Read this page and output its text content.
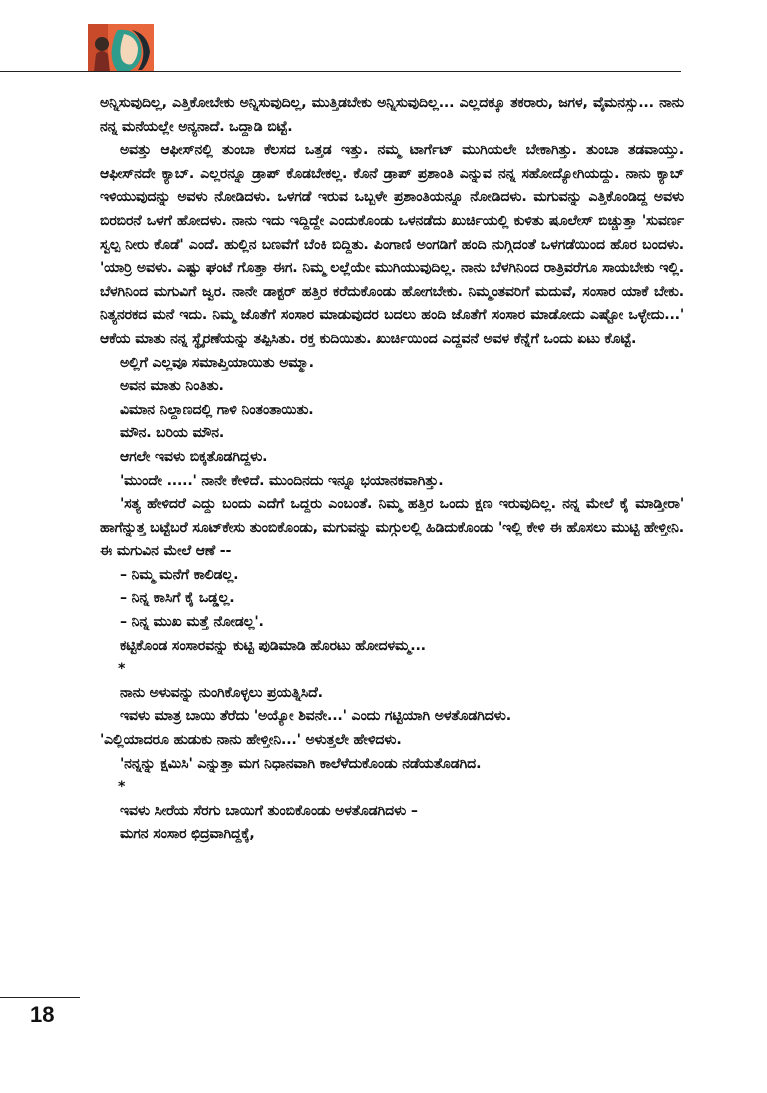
ಅನ್ನಿಸುವುದಿಲ್ಲ, ಎತ್ತಿಕೋಬೇಕು ಅನ್ನಿಸುವುದಿಲ್ಲ, ಮುತ್ತಿಡಬೇಕು ಅನ್ನಿಸುವುದಿಲ್ಲ... ಎಲ್ಲದಕ್ಕೂ ತಕರಾರು, ಜಗಳ, ವೈಮನಸ್ಸು... ನಾನು ನನ್ನ ಮನೆಯಲ್ಲೇ ಅನ್ಯನಾದೆ. ಒದ್ದಾಡಿ ಬಿಟ್ಟೆ.

ಅವತ್ತು ಆಫೀಸ್‌ನಲ್ಲಿ ತುಂಬಾ ಕೆಲಸದ ಒತ್ತಡ ಇತ್ತು. ನಮ್ಮ ಟಾರ್ಗೆಟ್ ಮುಗಿಯಲೇ ಬೇಕಾಗಿತ್ತು. ತುಂಬಾ ತಡವಾಯ್ತು. ಆಫೀಸ್‌ನದೇ ಕ್ಯಾಬ್. ಎಲ್ಲರನ್ನೂ ಡ್ರಾಪ್ ಕೊಡಬೇಕಲ್ಲ. ಕೊನೆ ಡ್ರಾಪ್ ಪ್ರಶಾಂತಿ ಎನ್ನುವ ನನ್ನ ಸಹೋದ್ಯೋಗಿಯದ್ದು. ನಾನು ಕ್ಯಾಬ್ ಇಳಿಯುವುದನ್ನು ಅವಳು ನೋಡಿದಳು. ಒಳಗಡೆ ಇರುವ ಒಬ್ಬಳೇ ಪ್ರಶಾಂತಿಯನ್ನೂ ನೋಡಿದಳು. ಮಗುವನ್ನು ಎತ್ತಿಕೊಂಡಿದ್ದ ಅವಳು ಬಿರಬಿರನೆ ಒಳಗೆ ಹೋದಳು. ನಾನು ಇದು ಇದ್ದಿದ್ದೇ ಎಂದುಕೊಂಡು ಒಳನಡೆದು ಖುರ್ಚಿಯಲ್ಲಿ ಕುಳಿತು ಷೂಲೇಸ್ ಬಿಚ್ಚುತ್ತಾ 'ಸುವರ್ಣ ಸ್ವಲ್ಪ ನೀರು ಕೊಡೆ' ಎಂದೆ. ಹುಲ್ಲಿನ ಬಣವೆಗೆ ಬೆಂಕಿ ಬಿದ್ದಿತು. ಪಿಂಗಾಣಿ ಅಂಗಡಿಗೆ ಹಂದಿ ನುಗ್ಗಿದಂತೆ ಒಳಗಡೆಯಿಂದ ಹೊರ ಬಂದಳು. 'ಯಾರ್‍ರಿ ಅವಳು. ಎಷ್ಟು ಘಂಟೆ ಗೊತ್ತಾ ಈಗ. ನಿಮ್ಮ ಲಲ್ಲೆಯೇ ಮುಗಿಯುವುದಿಲ್ಲ. ನಾನು ಬೆಳಗಿನಿಂದ ರಾತ್ರಿವರೆಗೂ ಸಾಯಬೇಕು ಇಲ್ಲಿ. ಬೆಳಗಿನಿಂದ ಮಗುವಿಗೆ ಜ್ವರ. ನಾನೇ ಡಾಕ್ಟರ್ ಹತ್ತಿರ ಕರೆದುಕೊಂಡು ಹೋಗಬೇಕು. ನಿಮ್ಮಂತವರಿಗೆ ಮದುವೆ, ಸಂಸಾರ ಯಾಕೆ ಬೇಕು. ನಿತ್ಯನರಕದ ಮನೆ ಇದು. ನಿಮ್ಮ ಜೊತೆಗೆ ಸಂಸಾರ ಮಾಡುವುದರ ಬದಲು ಹಂದಿ ಜೊತೆಗೆ ಸಂಸಾರ ಮಾಡೋದು ಎಷ್ಟೋ ಒಳ್ಳೇದು...' ಆಕೆಯ ಮಾತು ನನ್ನ ಸ್ಥೈರಣೆಯನ್ನು ತಪ್ಪಿಸಿತು. ರಕ್ತ ಕುದಿಯಿತು. ಖುರ್ಚಿಯಿಂದ ಎದ್ದವನೆ ಅವಳ ಕೆನ್ನೆಗೆ ಒಂದು ಏಟು ಕೊಟ್ಟೆ.

ಅಲ್ಲಿಗೆ ಎಲ್ಲವೂ ಸಮಾಪ್ತಿಯಾಯಿತು ಅಮ್ಮಾ.

ಅವನ ಮಾತು ನಿಂತಿತು.

ವಿಮಾನ ನಿಲ್ದಾಣದಲ್ಲಿ ಗಾಳಿ ನಿಂತಂತಾಯಿತು.

ಮೌನ. ಬರಿಯ ಮೌನ.

ಆಗಲೇ ಇವಳು ಬಿಕ್ಕತೊಡಗಿದ್ದಳು.

'ಮುಂದೇ .....' ನಾನೇ ಕೇಳಿದೆ. ಮುಂದಿನದು ಇನ್ನೂ ಭಯಾನಕವಾಗಿತ್ತು.

'ಸತ್ಯ ಹೇಳಿದರೆ ಎದ್ದು ಬಂದು ಎದೆಗೆ ಒದ್ದರು ಎಂಬಂತೆ. ನಿಮ್ಮ ಹತ್ತಿರ ಒಂದು ಕ್ಷಣ ಇರುವುದಿಲ್ಲ. ನನ್ನ ಮೇಲೆ ಕೈ ಮಾಡ್ತೀರಾ' ಹಾಗೆನ್ನುತ್ತ ಬಟ್ಟೆಬರೆ ಸೂಟ್‌ಕೇಸು ತುಂಬಿಕೊಂಡು, ಮಗುವನ್ನು ಮಗ್ಗುಲಲ್ಲಿ ಹಿಡಿದುಕೊಂಡು 'ಇಲ್ಲಿ ಕೇಳಿ ಈ ಹೊಸಲು ಮುಟ್ಟಿ ಹೇಳ್ತೀನಿ. ಈ ಮಗುವಿನ ಮೇಲೆ ಆಣೆ --

– ನಿಮ್ಮ ಮನೆಗೆ ಕಾಲಿಡಲ್ಲ.

– ನಿನ್ನ ಕಾಸಿಗೆ ಕೈ ಒಡ್ಡಲ್ಲ.

– ನಿನ್ನ ಮುಖ ಮತ್ತೆ ನೋಡಲ್ಲ'.

ಕಟ್ಟಿಕೊಂಡ ಸಂಸಾರವನ್ನು ಕುಟ್ಟಿ ಪುಡಿಮಾಡಿ ಹೊರಟು ಹೋದಳಮ್ಮ...

*

ನಾನು ಅಳುವನ್ನು ನುಂಗಿಕೊಳ್ಳಲು ಪ್ರಯತ್ನಿಸಿದೆ.

ಇವಳು ಮಾತ್ರ ಬಾಯಿ ತೆರೆದು 'ಅಯ್ಯೋ ಶಿವನೇ...' ಎಂದು ಗಟ್ಟಿಯಾಗಿ ಅಳತೊಡಗಿದಳು.

'ಎಲ್ಲಿಯಾದರೂ ಹುಡುಕು ನಾನು ಹೇಳ್ತೀನಿ...' ಅಳುತ್ತಲೇ ಹೇಳಿದಳು.

'ನನ್ನನ್ನು ಕ್ಷಮಿಸಿ' ಎನ್ನುತ್ತಾ ಮಗ ನಿಧಾನವಾಗಿ ಕಾಲೆಳೆದುಕೊಂಡು ನಡೆಯತೊಡಗಿದ.

*

ಇವಳು ಸೀರೆಯ ಸೆರಗು ಬಾಯಿಗೆ ತುಂಬಿಕೊಂಡು ಅಳತೊಡಗಿದಳು –

ಮಗನ ಸಂಸಾರ ಛಿದ್ರವಾಗಿದ್ದಕ್ಕೆ,

18
